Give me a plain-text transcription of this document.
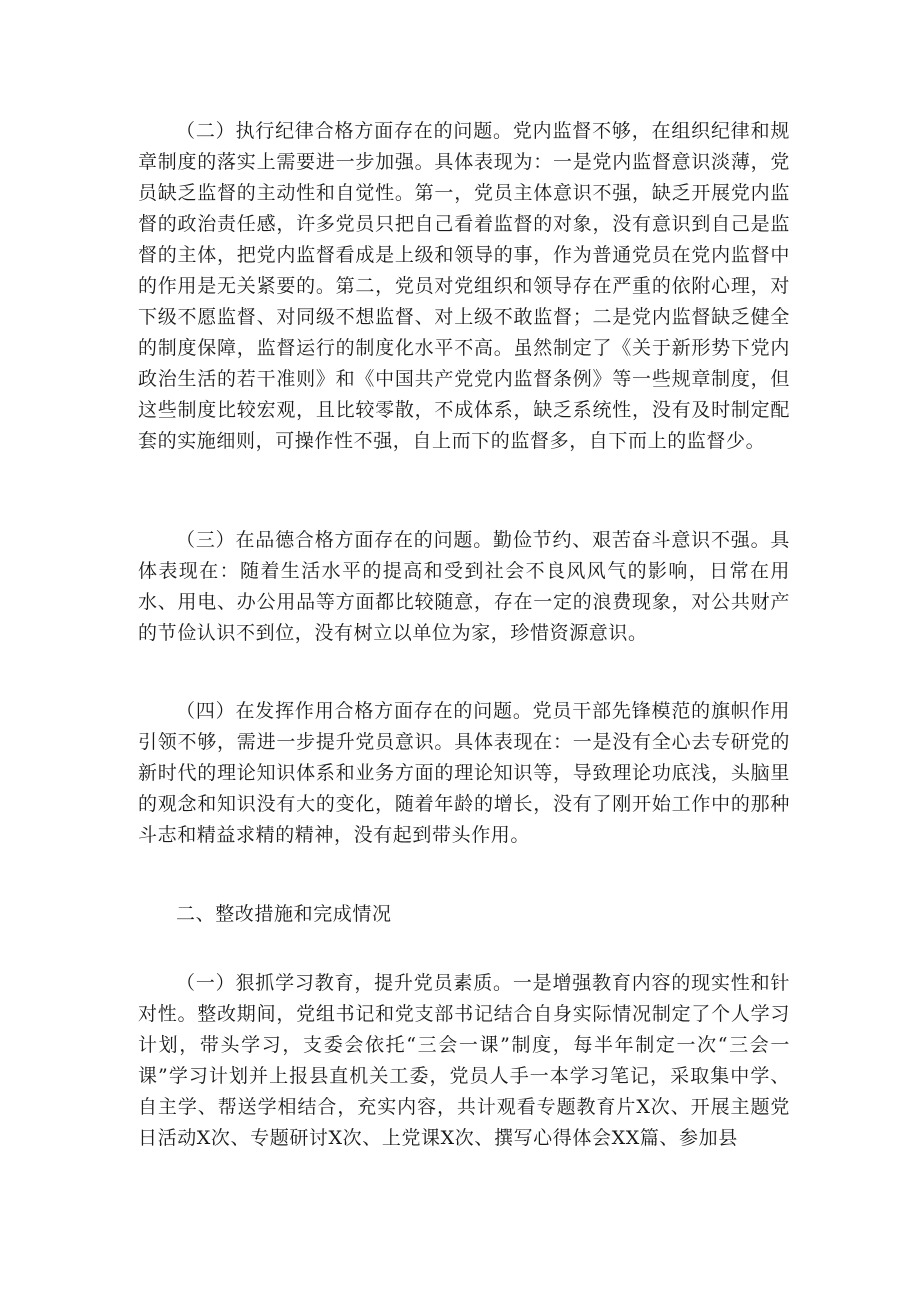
（二）执行纪律合格方面存在的问题。党内监督不够，在组织纪律和规章制度的落实上需要进一步加强。具体表现为：一是党内监督意识淡薄，党员缺乏监督的主动性和自觉性。第一，党员主体意识不强，缺乏开展党内监督的政治责任感，许多党员只把自己看着监督的对象，没有意识到自己是监督的主体，把党内监督看成是上级和领导的事，作为普通党员在党内监督中的作用是无关紧要的。第二，党员对党组织和领导存在严重的依附心理，对下级不愿监督、对同级不想监督、对上级不敢监督；二是党内监督缺乏健全的制度保障，监督运行的制度化水平不高。虽然制定了《关于新形势下党内政治生活的若干准则》和《中国共产党党内监督条例》等一些规章制度，但这些制度比较宏观，且比较零散，不成体系，缺乏系统性，没有及时制定配套的实施细则，可操作性不强，自上而下的监督多，自下而上的监督少。

（三）在品德合格方面存在的问题。勤俭节约、艰苦奋斗意识不强。具体表现在：随着生活水平的提高和受到社会不良风风气的影响，日常在用水、用电、办公用品等方面都比较随意，存在一定的浪费现象，对公共财产的节俭认识不到位，没有树立以单位为家，珍惜资源意识。

（四）在发挥作用合格方面存在的问题。党员干部先锋模范的旗帜作用引领不够，需进一步提升党员意识。具体表现在：一是没有全心去专研党的新时代的理论知识体系和业务方面的理论知识等，导致理论功底浅，头脑里的观念和知识没有大的变化，随着年龄的增长，没有了刚开始工作中的那种斗志和精益求精的精神，没有起到带头作用。

二、整改措施和完成情况

（一）狠抓学习教育，提升党员素质。一是增强教育内容的现实性和针对性。整改期间，党组书记和党支部书记结合自身实际情况制定了个人学习计划，带头学习，支委会依托“三会一课”制度，每半年制定一次“三会一课”学习计划并上报县直机关工委，党员人手一本学习笔记，采取集中学、自主学、帮送学相结合，充实内容，共计观看专题教育片X次、开展主题党日活动X次、专题研讨X次、上党课X次、撰写心得体会XX篇、参加县
